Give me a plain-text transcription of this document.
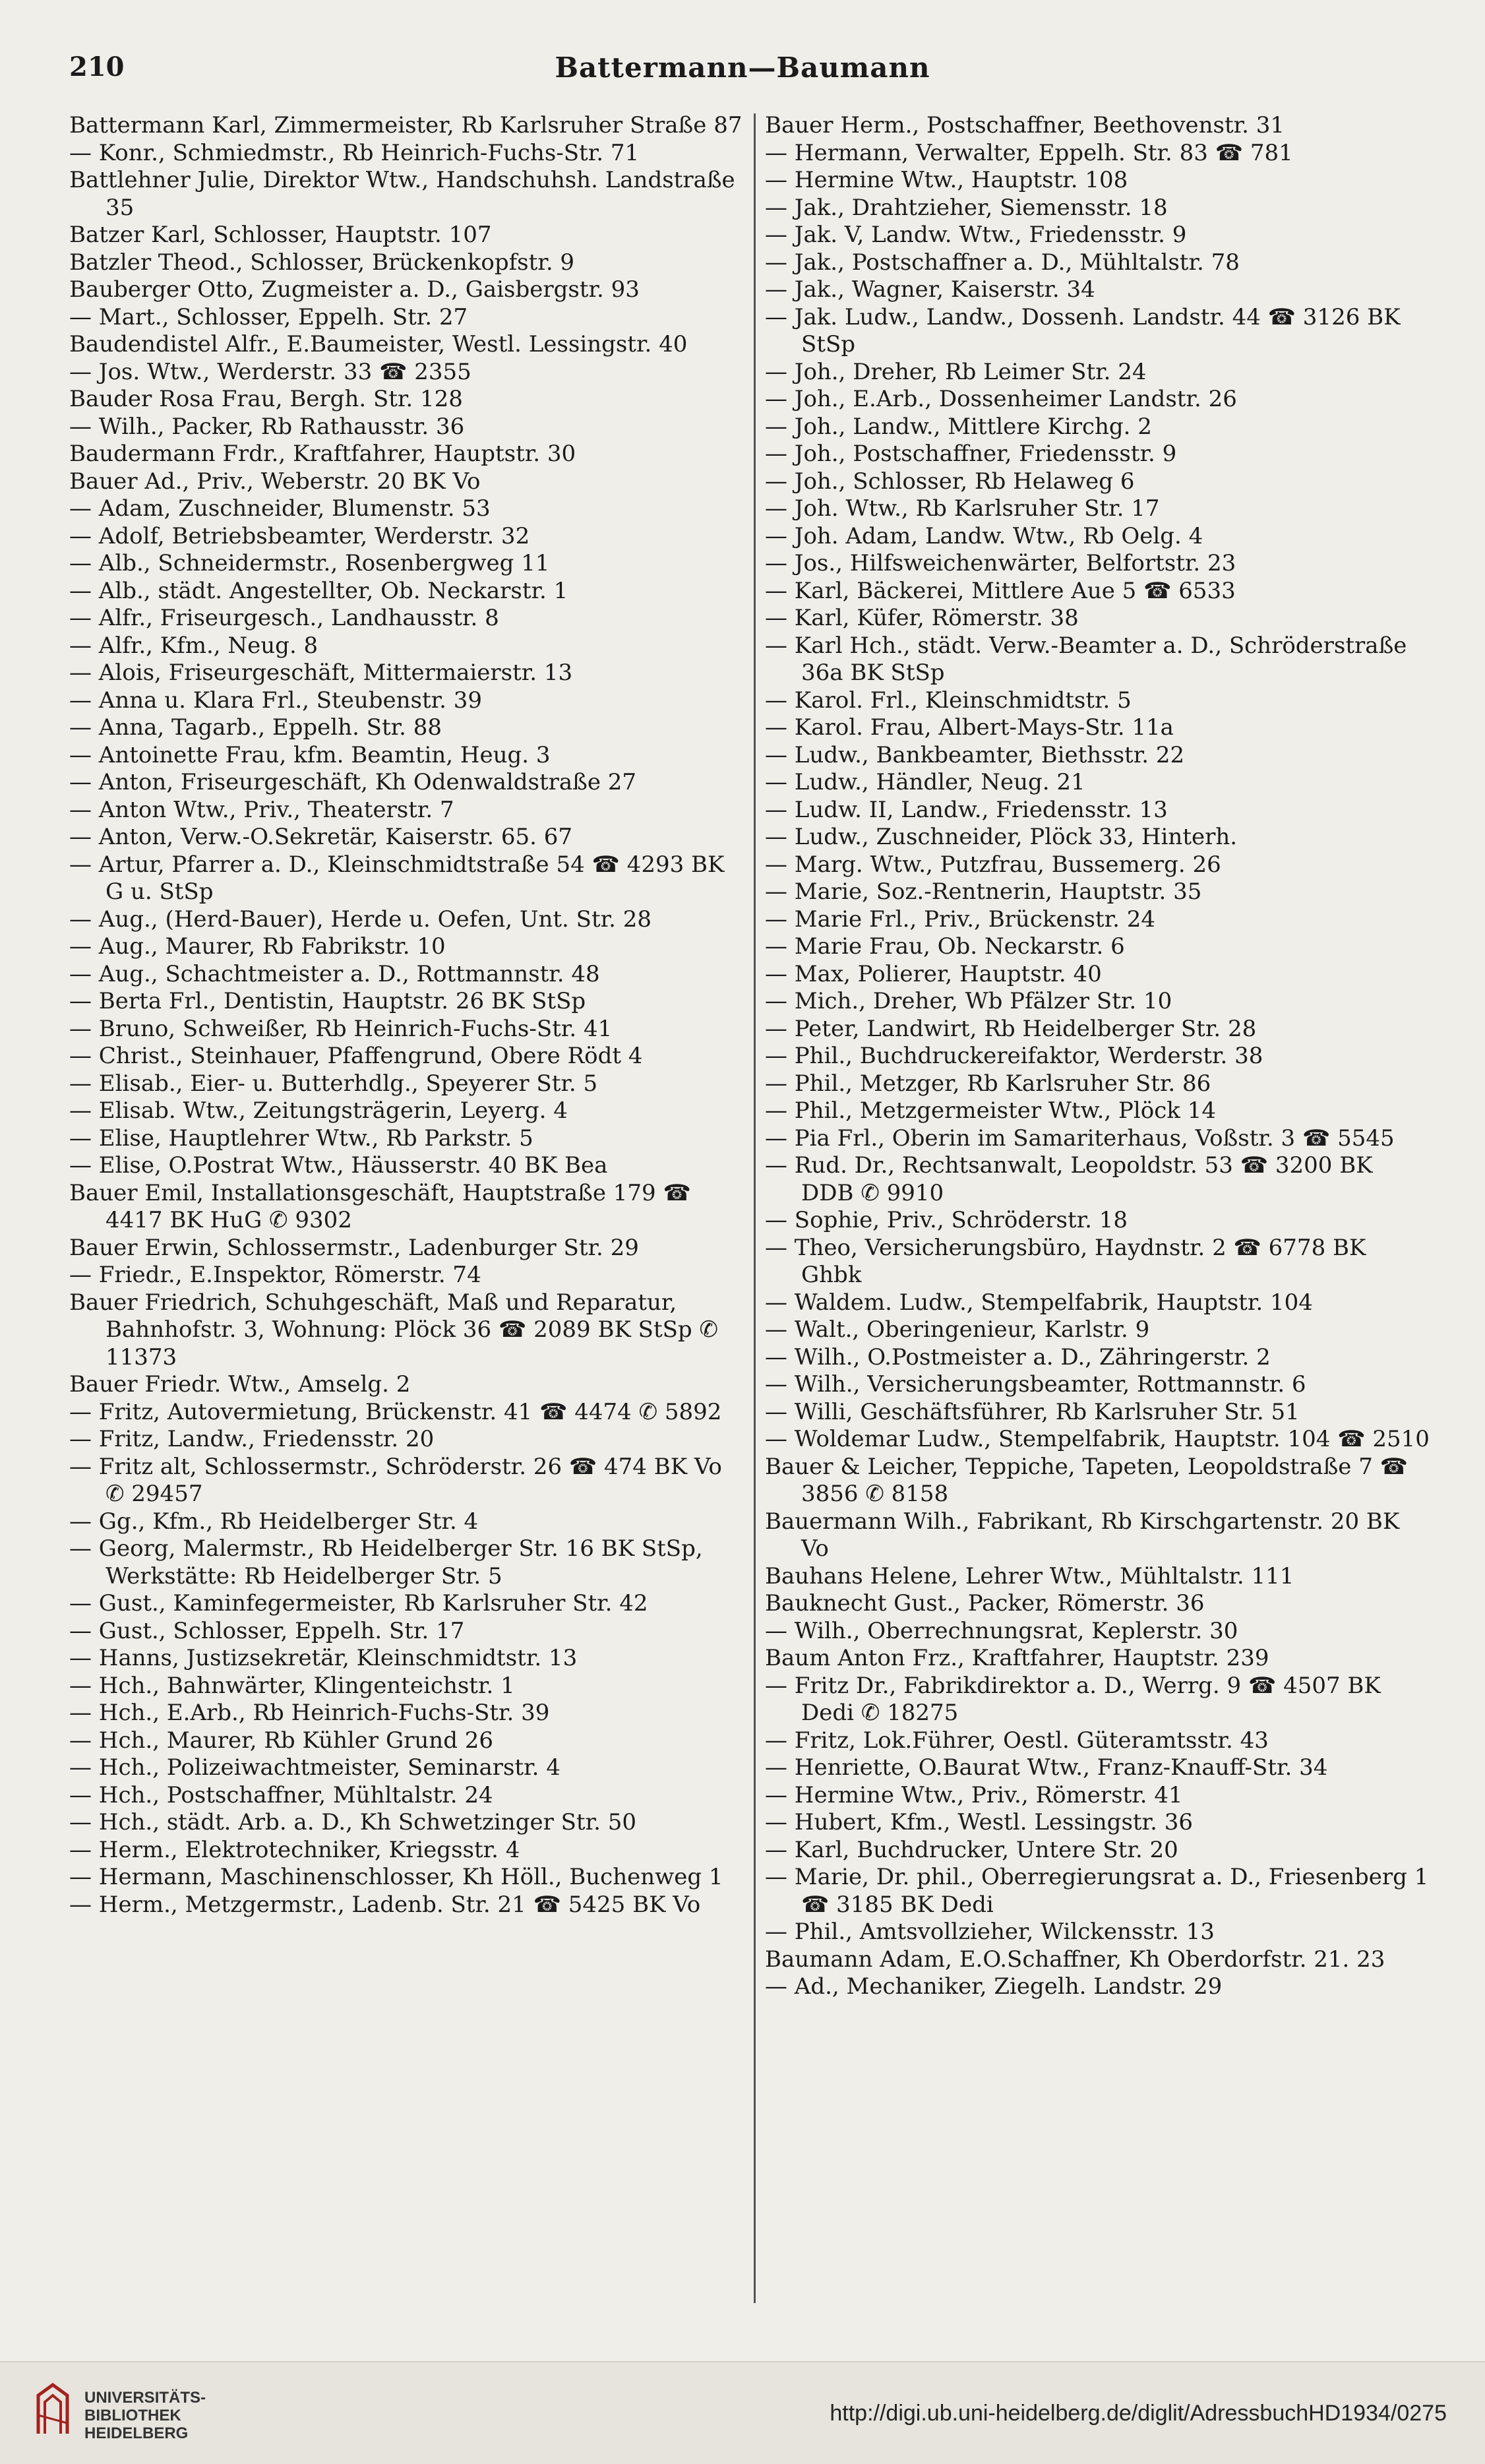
210	Battermann—Baumann
Battermann Karl, Zimmermeister, Rb Karlsruher Straße 87
— Konr., Schmiedmstr., Rb Heinrich-Fuchs-Str. 71
Battlehner Julie, Direktor Wtw., Handschuhsh. Landstraße 35
Batzer Karl, Schlosser, Hauptstr. 107
Batzler Theod., Schlosser, Brückenkopfstr. 9
Bauberger Otto, Zugmeister a. D., Gaisbergstr. 93
— Mart., Schlosser, Eppelh. Str. 27
Baudendistel Alfr., E.Baumeister, Westl. Lessingstr. 40
— Jos. Wtw., Werderstr. 33 ☎ 2355
Bauder Rosa Frau, Bergh. Str. 128
— Wilh., Packer, Rb Rathausstr. 36
Baudermann Frdr., Kraftfahrer, Hauptstr. 30
Bauer Ad., Priv., Weberstr. 20 BK Vo
— Adam, Zuschneider, Blumenstr. 53
— Adolf, Betriebsbeamter, Werderstr. 32
— Alb., Schneidermstr., Rosenbergweg 11
— Alb., städt. Angestellter, Ob. Neckarstr. 1
— Alfr., Friseurgesch., Landhausstr. 8
— Alfr., Kfm., Neug. 8
— Alois, Friseurgeschäft, Mittermaierstr. 13
— Anna u. Klara Frl., Steubenstr. 39
— Anna, Tagarb., Eppelh. Str. 88
— Antoinette Frau, kfm. Beamtin, Heug. 3
— Anton, Friseurgeschäft, Kh Odenwaldstraße 27
— Anton Wtw., Priv., Theaterstr. 7
— Anton, Verw.-O.Sekretär, Kaiserstr. 65. 67
— Artur, Pfarrer a. D., Kleinschmidtstraße 54 ☎ 4293 BK G u. StSp
— Aug., (Herd-Bauer), Herde u. Oefen, Unt. Str. 28
— Aug., Maurer, Rb Fabrikstr. 10
— Aug., Schachtmeister a. D., Rottmannstr. 48
— Berta Frl., Dentistin, Hauptstr. 26 BK StSp
— Bruno, Schweißer, Rb Heinrich-Fuchs-Str. 41
— Christ., Steinhauer, Pfaffengrund, Obere Rödt 4
— Elisab., Eier- u. Butterhdlg., Speyerer Str. 5
— Elisab. Wtw., Zeitungsträgerin, Leyerg. 4
— Elise, Hauptlehrer Wtw., Rb Parkstr. 5
— Elise, O.Postrat Wtw., Häusserstr. 40 BK Bea
Bauer Emil, Installationsgeschäft, Hauptstraße 179 ☎ 4417 BK HuG ✆ 9302
Bauer Erwin, Schlossermstr., Ladenburger Str. 29
— Friedr., E.Inspektor, Römerstr. 74
Bauer Friedrich, Schuhgeschäft, Maß und Reparatur, Bahnhofstr. 3, Wohnung: Plöck 36 ☎ 2089 BK StSp ✆ 11373
Bauer Friedr. Wtw., Amselg. 2
— Fritz, Autovermietung, Brückenstr. 41 ☎ 4474 ✆ 5892
— Fritz, Landw., Friedensstr. 20
— Fritz alt, Schlossermstr., Schröderstr. 26 ☎ 474 BK Vo ✆ 29457
— Gg., Kfm., Rb Heidelberger Str. 4
— Georg, Malermstr., Rb Heidelberger Str. 16 BK StSp, Werkstätte: Rb Heidelberger Str. 5
— Gust., Kaminfegermeister, Rb Karlsruher Str. 42
— Gust., Schlosser, Eppelh. Str. 17
— Hanns, Justizsekretär, Kleinschmidtstr. 13
— Hch., Bahnwärter, Klingenteichstr. 1
— Hch., E.Arb., Rb Heinrich-Fuchs-Str. 39
— Hch., Maurer, Rb Kühler Grund 26
— Hch., Polizeiwachtmeister, Seminarstr. 4
— Hch., Postschaffner, Mühltalstr. 24
— Hch., städt. Arb. a. D., Kh Schwetzinger Str. 50
— Herm., Elektrotechniker, Kriegsstr. 4
— Hermann, Maschinenschlosser, Kh Höll., Buchenweg 1
— Herm., Metzgermstr., Ladenb. Str. 21 ☎ 5425 BK Vo
Bauer Herm., Postschaffner, Beethovenstr. 31
— Hermann, Verwalter, Eppelh. Str. 83 ☎ 781
— Hermine Wtw., Hauptstr. 108
— Jak., Drahtzieher, Siemensstr. 18
— Jak. V, Landw. Wtw., Friedensstr. 9
— Jak., Postschaffner a. D., Mühltalstr. 78
— Jak., Wagner, Kaiserstr. 34
— Jak. Ludw., Landw., Dossenh. Landstr. 44 ☎ 3126 BK StSp
— Joh., Dreher, Rb Leimer Str. 24
— Joh., E.Arb., Dossenheimer Landstr. 26
— Joh., Landw., Mittlere Kirchg. 2
— Joh., Postschaffner, Friedensstr. 9
— Joh., Schlosser, Rb Helaweg 6
— Joh. Wtw., Rb Karlsruher Str. 17
— Joh. Adam, Landw. Wtw., Rb Oelg. 4
— Jos., Hilfsweichenwärter, Belfortstr. 23
— Karl, Bäckerei, Mittlere Aue 5 ☎ 6533
— Karl, Küfer, Römerstr. 38
— Karl Hch., städt. Verw.-Beamter a. D., Schröderstraße 36a BK StSp
— Karol. Frl., Kleinschmidtstr. 5
— Karol. Frau, Albert-Mays-Str. 11a
— Ludw., Bankbeamter, Biethsstr. 22
— Ludw., Händler, Neug. 21
— Ludw. II, Landw., Friedensstr. 13
— Ludw., Zuschneider, Plöck 33, Hinterh.
— Marg. Wtw., Putzfrau, Bussemerg. 26
— Marie, Soz.-Rentnerin, Hauptstr. 35
— Marie Frl., Priv., Brückenstr. 24
— Marie Frau, Ob. Neckarstr. 6
— Max, Polierer, Hauptstr. 40
— Mich., Dreher, Wb Pfälzer Str. 10
— Peter, Landwirt, Rb Heidelberger Str. 28
— Phil., Buchdruckereifaktor, Werderstr. 38
— Phil., Metzger, Rb Karlsruher Str. 86
— Phil., Metzgermeister Wtw., Plöck 14
— Pia Frl., Oberin im Samariterhaus, Voßstr. 3 ☎ 5545
— Rud. Dr., Rechtsanwalt, Leopoldstr. 53 ☎ 3200 BK DDB ✆ 9910
— Sophie, Priv., Schröderstr. 18
— Theo, Versicherungsbüro, Haydnstr. 2 ☎ 6778 BK Ghbk
— Waldem. Ludw., Stempelfabrik, Hauptstr. 104
— Walt., Oberingenieur, Karlstr. 9
— Wilh., O.Postmeister a. D., Zähringerstr. 2
— Wilh., Versicherungsbeamter, Rottmannstr. 6
— Willi, Geschäftsführer, Rb Karlsruher Str. 51
— Woldemar Ludw., Stempelfabrik, Hauptstr. 104 ☎ 2510
Bauer & Leicher, Teppiche, Tapeten, Leopoldstraße 7 ☎ 3856 ✆ 8158
Bauermann Wilh., Fabrikant, Rb Kirschgartenstr. 20 BK Vo
Bauhans Helene, Lehrer Wtw., Mühltalstr. 111
Bauknecht Gust., Packer, Römerstr. 36
— Wilh., Oberrechnungsrat, Keplerstr. 30
Baum Anton Frz., Kraftfahrer, Hauptstr. 239
— Fritz Dr., Fabrikdirektor a. D., Werrg. 9 ☎ 4507 BK Dedi ✆ 18275
— Fritz, Lok.Führer, Oestl. Güteramtsstr. 43
— Henriette, O.Baurat Wtw., Franz-Knauff-Str. 34
— Hermine Wtw., Priv., Römerstr. 41
— Hubert, Kfm., Westl. Lessingstr. 36
— Karl, Buchdrucker, Untere Str. 20
— Marie, Dr. phil., Oberregierungsrat a. D., Friesenberg 1 ☎ 3185 BK Dedi
— Phil., Amtsvollzieher, Wilckensstr. 13
Baumann Adam, E.O.Schaffner, Kh Oberdorfstr. 21. 23
— Ad., Mechaniker, Ziegelh. Landstr. 29
UNIVERSITÄTS-
BIBLIOTHEK
HEIDELBERG
http://digi.ub.uni-heidelberg.de/diglit/AdressbuchHD1934/0275
